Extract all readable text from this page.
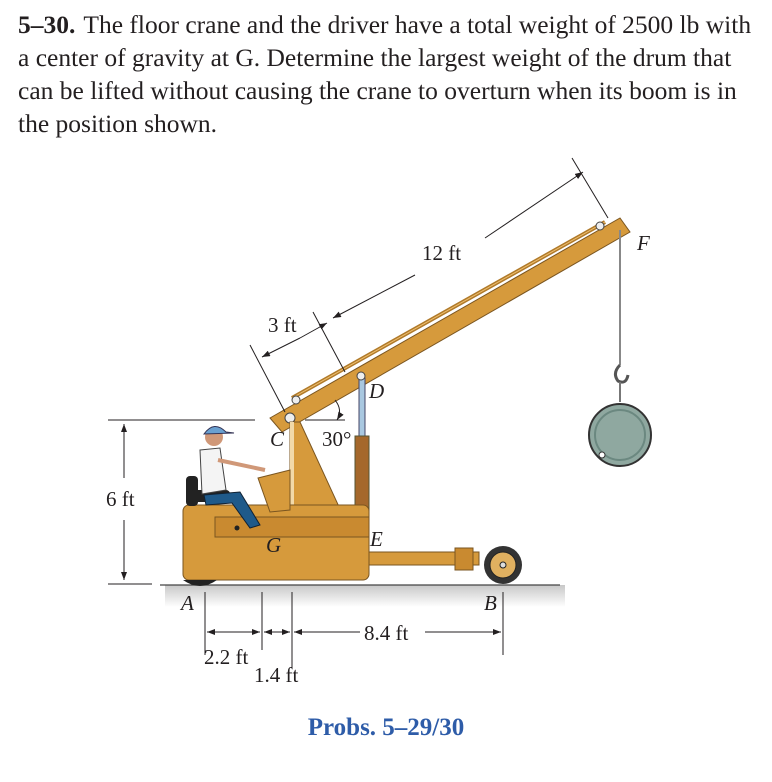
5–30. The floor crane and the driver have a total weight of 2500 lb with a center of gravity at G. Determine the largest weight of the drum that can be lifted without causing the crane to overturn when its boom is in the position shown.
12 ft
3 ft
6 ft
30°
2.2 ft
1.4 ft
8.4 ft
A	B
C
D
E
F
G
Probs. 5–29/30
